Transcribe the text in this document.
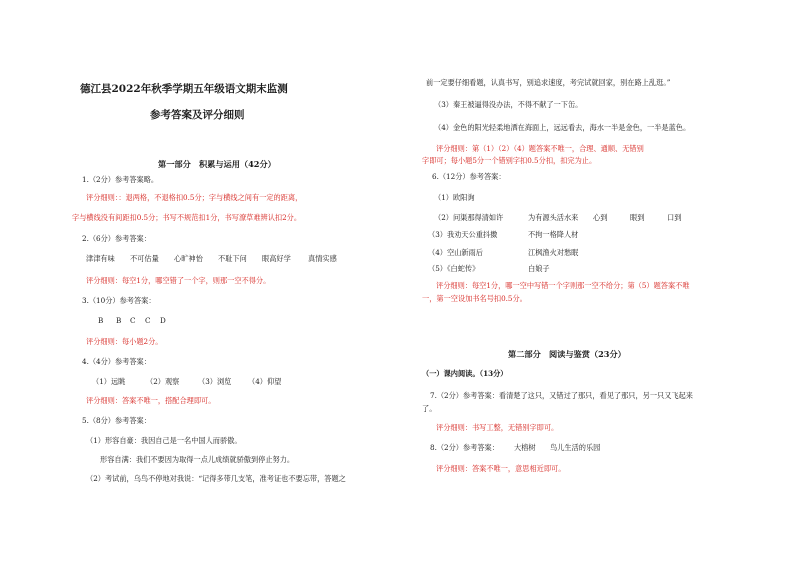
德江县2022年秋季学期五年级语文期末监测
参考答案及评分细则
第一部分　积累与运用（42分）
1.（2分）参考答案略。
评分细则：：退两格，不退格扣0.5分；字与横线之间有一定的距离，
字与横线没有间距扣0.5分；书写不规范扣1分，书写潦草难辨认扣2分。
2.（6分）参考答案：
津津有味 不可估量 心旷神怡 不耻下问 眼高好学 真情实感
评分细则：每空1分，哪空错了一个字，则那一空不得分。
3.（10分）参考答案：
B B C C D
评分细则：每小题2分。
4.（4分）参考答案：
（1）远眺	（2）观察	（3）浏览 （4）仰望
评分细则：答案不唯一，搭配合理即可。
5.（8分）参考答案：
（1）形容自豪：我因自己是一名中国人而骄傲。
形容自满：我们不要因为取得一点儿成绩就骄傲到停止努力。
（2）考试前，乌鸟不停地对我说：“记得多带几支笔，准考证也不要忘带，答题之
前一定要仔细看题，认真书写，别追求速度，考完试就回家，别在路上乱逛。”
（3）秦王被逼得没办法，不得不献了一下缶。
（4）金色的阳光轻柔地洒在海面上，远远看去，海水一半是金色，一半是蓝色。
评分细则：第（1）（2）（4）题答案不唯一，合理、通顺、无错别
字即可；每小题5分一个错别字扣0.5分扣，扣完为止。
6.（12分）参考答案：
（1）欧阳询
（2）问渠那得清如许	为有源头活水来 心到	眼到	口到
（3）我劝天公重抖擞	不拘一格降人材
（4）空山新雨后	江枫渔火对愁眠
（5）《白蛇传》	白娘子
评分细则：每空1分，哪一空中写错一个字则那一空不给分；第（5）题答案不唯
一，第一空设加书名号扣0.5分。
第二部分　阅读与鉴赏（23分）
（一）课内阅读。（13分）
7.（2分）参考答案：看清楚了这只，又错过了那只，看见了那只，另一只又飞起来
了。
评分细则：书写工整，无错别字即可。
8.（2分）参考答案： 大榕树 鸟儿生活的乐园
评分细则：答案不唯一，意思相近即可。
